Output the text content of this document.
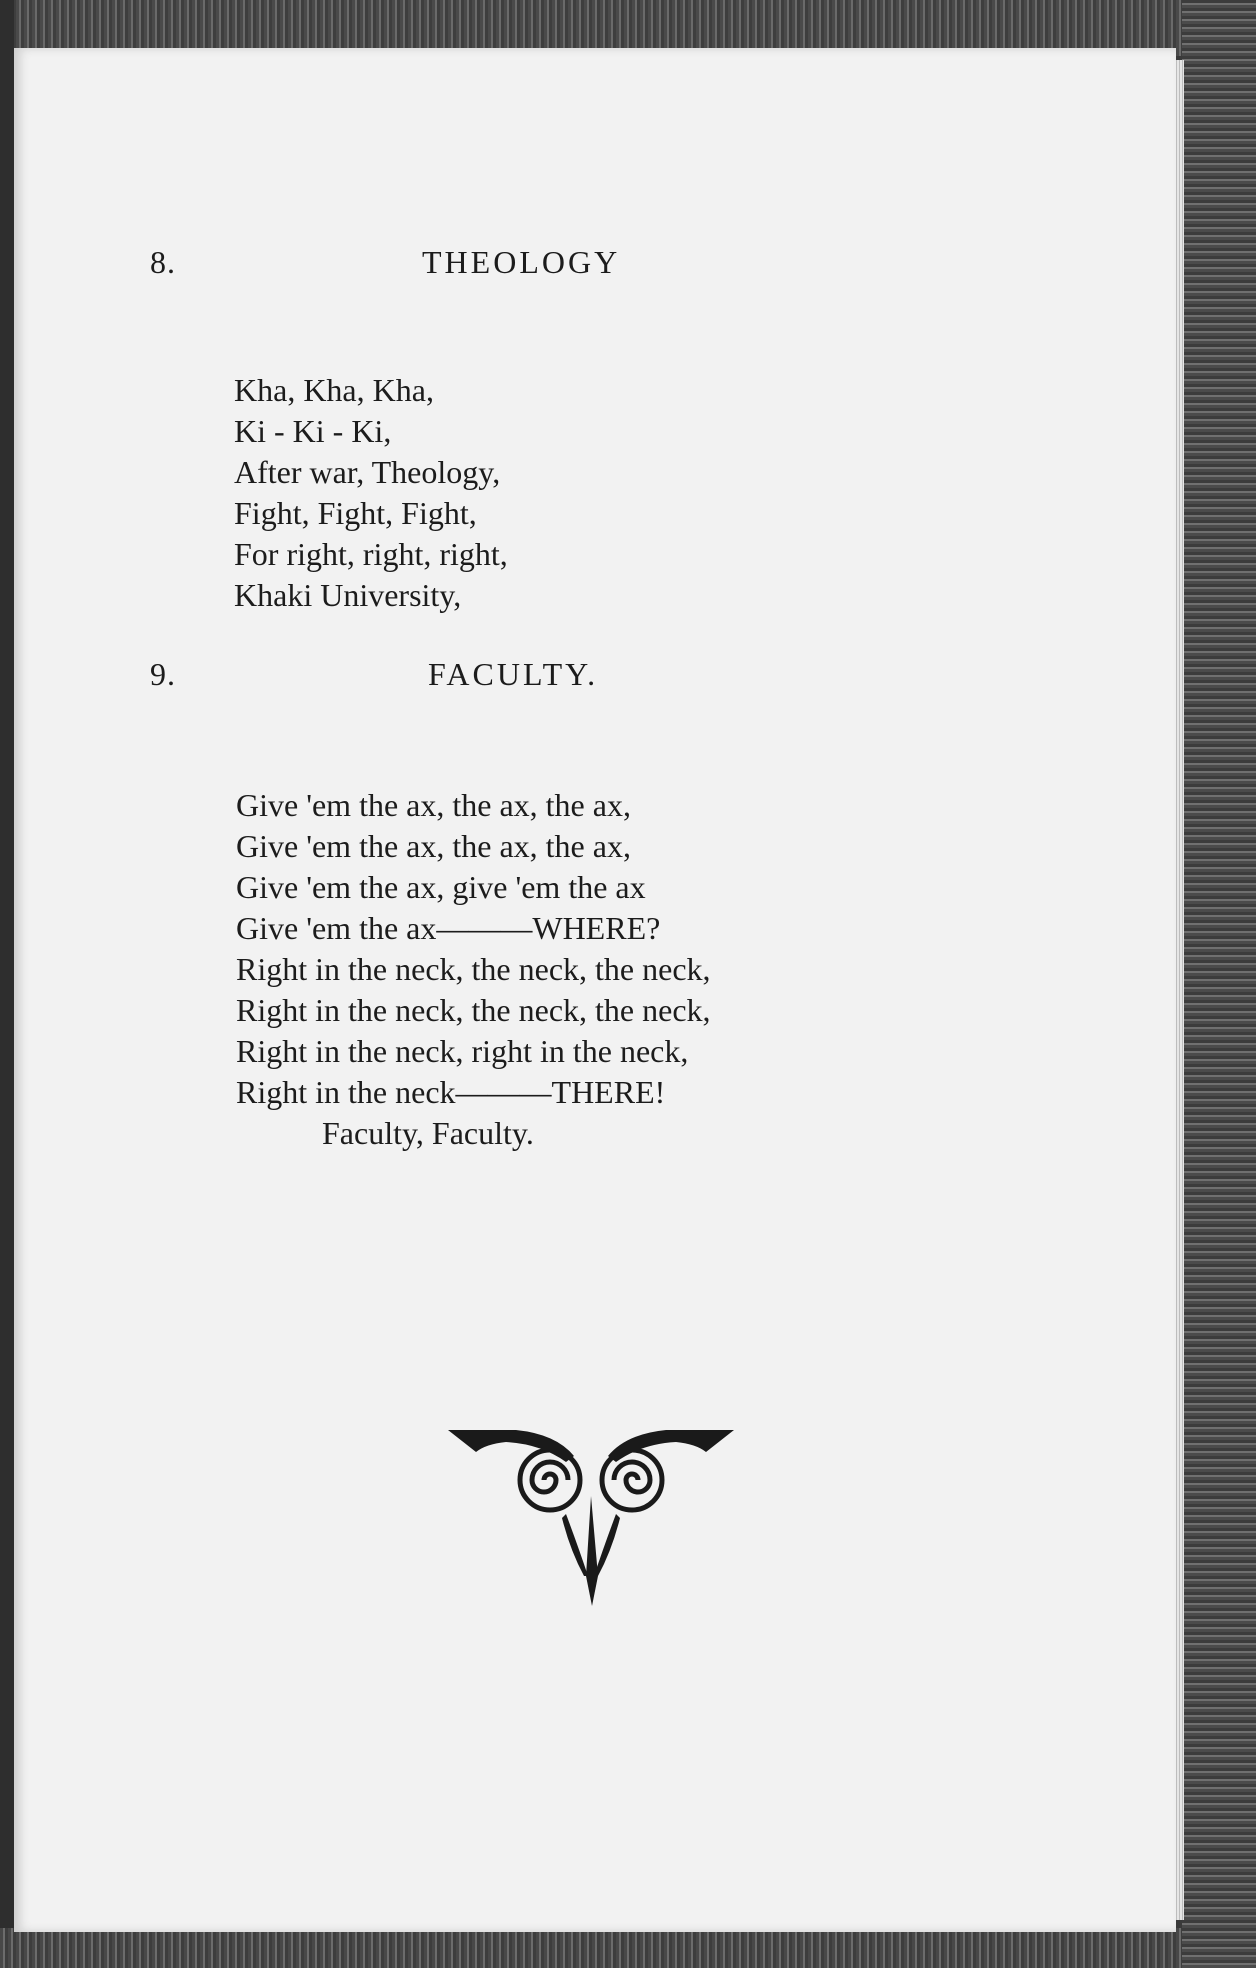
8.	THEOLOGY
Kha, Kha, Kha,
Ki - Ki - Ki,
After war, Theology,
Fight, Fight, Fight,
For right, right, right,
Khaki University,
9.	FACULTY.
Give 'em the ax, the ax, the ax,
Give 'em the ax, the ax, the ax,
Give 'em the ax, give 'em the ax
Give 'em the ax———WHERE?
Right in the neck, the neck, the neck,
Right in the neck, the neck, the neck,
Right in the neck, right in the neck,
Right in the neck———THERE!
Faculty, Faculty.
